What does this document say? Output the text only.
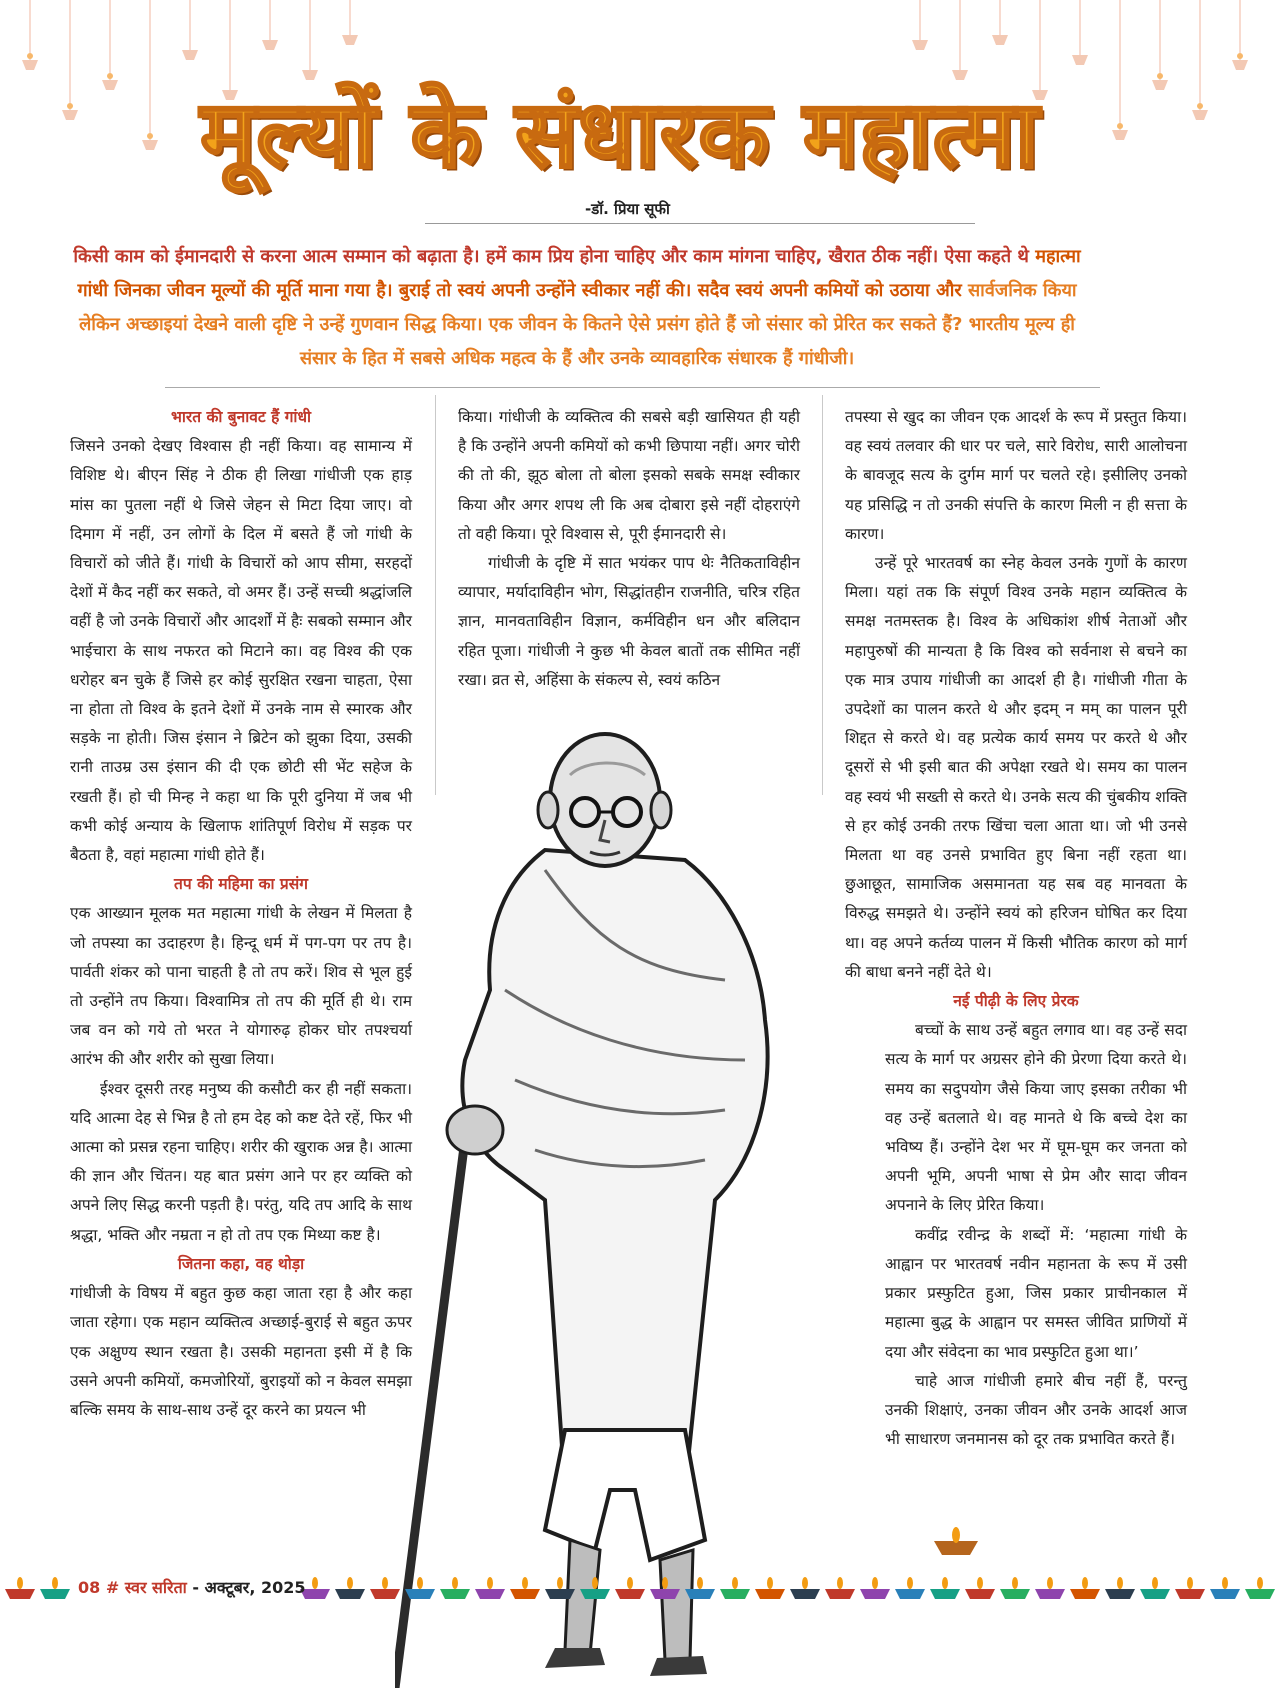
मूल्यों के संधारक महात्मा
-डॉ. प्रिया सूफी
किसी काम को ईमानदारी से करना आत्म सम्मान को बढ़ाता है। हमें काम प्रिय होना चाहिए और काम मांगना चाहिए, खैरात ठीक नहीं। ऐसा कहते थे महात्मा गांधी जिनका जीवन मूल्यों की मूर्ति माना गया है। बुराई तो स्वयं अपनी उन्होंने स्वीकार नहीं की। सदैव स्वयं अपनी कमियों को उठाया और सार्वजनिक किया लेकिन अच्छाइयां देखने वाली दृष्टि ने उन्हें गुणवान सिद्ध किया। एक जीवन के कितने ऐसे प्रसंग होते हैं जो संसार को प्रेरित कर सकते हैं? भारतीय मूल्य ही संसार के हित में सबसे अधिक महत्व के हैं और उनके व्यावहारिक संधारक हैं गांधीजी।
भारत की बुनावट हैं गांधी

जिसने उनको देखए विश्वास ही नहीं किया। वह सामान्य में विशिष्ट थे। बीएन सिंह ने ठीक ही लिखा गांधीजी एक हाड़ मांस का पुतला नहीं थे जिसे जेहन से मिटा दिया जाए। वो दिमाग में नहीं, उन लोगों के दिल में बसते हैं जो गांधी के विचारों को जीते हैं। गांधी के विचारों को आप सीमा, सरहदों देशों में कैद नहीं कर सकते, वो अमर हैं। उन्हें सच्ची श्रद्धांजलि वहीं है जो उनके विचारों और आदर्शों में हैः सबको सम्मान और भाईचारा के साथ नफरत को मिटाने का। वह विश्व की एक धरोहर बन चुके हैं जिसे हर कोई सुरक्षित रखना चाहता, ऐसा ना होता तो विश्व के इतने देशों में उनके नाम से स्मारक और सड़के ना होती। जिस इंसान ने ब्रिटेन को झुका दिया, उसकी रानी ताउम्र उस इंसान की दी एक छोटी सी भेंट सहेज के रखती हैं। हो ची मिन्ह ने कहा था कि पूरी दुनिया में जब भी कभी कोई अन्याय के खिलाफ शांतिपूर्ण विरोध में सड़क पर बैठता है, वहां महात्मा गांधी होते हैं।

तप की महिमा का प्रसंग

एक आख्यान मूलक मत महात्मा गांधी के लेखन में मिलता है जो तपस्या का उदाहरण है। हिन्दू धर्म में पग-पग पर तप है। पार्वती शंकर को पाना चाहती है तो तप करें। शिव से भूल हुई तो उन्होंने तप किया। विश्वामित्र तो तप की मूर्ति ही थे। राम जब वन को गये तो भरत ने योगारुढ़ होकर घोर तपश्चर्या आरंभ की और शरीर को सुखा लिया।

ईश्वर दूसरी तरह मनुष्य की कसौटी कर ही नहीं सकता। यदि आत्मा देह से भिन्न है तो हम देह को कष्ट देते रहें, फिर भी आत्मा को प्रसन्न रहना चाहिए। शरीर की खुराक अन्न है। आत्मा की ज्ञान और चिंतन। यह बात प्रसंग आने पर हर व्यक्ति को अपने लिए सिद्ध करनी पड़ती है। परंतु, यदि तप आदि के साथ श्रद्धा, भक्ति और नम्रता न हो तो तप एक मिथ्या कष्ट है।

जितना कहा, वह थोड़ा

गांधीजी के विषय में बहुत कुछ कहा जाता रहा है और कहा जाता रहेगा। एक महान व्यक्तित्व अच्छाई-बुराई से बहुत ऊपर एक अक्षुण्य स्थान रखता है। उसकी महानता इसी में है कि उसने अपनी कमियों, कमजोरियों, बुराइयों को न केवल समझा बल्कि समय के साथ-साथ उन्हें दूर करने का प्रयत्न भी

किया। गांधीजी के व्यक्तित्व की सबसे बड़ी खासियत ही यही है कि उन्होंने अपनी कमियों को कभी छिपाया नहीं। अगर चोरी की तो की, झूठ बोला तो बोला इसको सबके समक्ष स्वीकार किया और अगर शपथ ली कि अब दोबारा इसे नहीं दोहराएंगे तो वही किया। पूरे विश्वास से, पूरी ईमानदारी से।

गांधीजी के दृष्टि में सात भयंकर पाप थेः नैतिकताविहीन व्यापार, मर्यादाविहीन भोग, सिद्धांतहीन राजनीति, चरित्र रहित ज्ञान, मानवताविहीन विज्ञान, कर्मविहीन धन और बलिदान रहित पूजा। गांधीजी ने कुछ भी केवल बातों तक सीमित नहीं रखा। व्रत से, अहिंसा के संकल्प से, स्वयं कठिन

तपस्या से खुद का जीवन एक आदर्श के रूप में प्रस्तुत किया। वह स्वयं तलवार की धार पर चले, सारे विरोध, सारी आलोचना के बावजूद सत्य के दुर्गम मार्ग पर चलते रहे। इसीलिए उनको यह प्रसिद्धि न तो उनकी संपत्ति के कारण मिली न ही सत्ता के कारण।

उन्हें पूरे भारतवर्ष का स्नेह केवल उनके गुणों के कारण मिला। यहां तक कि संपूर्ण विश्व उनके महान व्यक्तित्व के समक्ष नतमस्तक है। विश्व के अधिकांश शीर्ष नेताओं और महापुरुषों की मान्यता है कि विश्व को सर्वनाश से बचने का एक मात्र उपाय गांधीजी का आदर्श ही है। गांधीजी गीता के उपदेशों का पालन करते थे और इदम् न मम् का पालन पूरी शिद्दत से करते थे। वह प्रत्येक कार्य समय पर करते थे और दूसरों से भी इसी बात की अपेक्षा रखते थे। समय का पालन वह स्वयं भी सख्ती से करते थे। उनके सत्य की चुंबकीय शक्ति से हर कोई उनकी तरफ खिंचा चला आता था। जो भी उनसे मिलता था वह उनसे प्रभावित हुए बिना नहीं रहता था। छुआछूत, सामाजिक असमानता यह सब वह मानवता के विरुद्ध समझते थे। उन्होंने स्वयं को हरिजन घोषित कर दिया था। वह अपने कर्तव्य पालन में किसी भौतिक कारण को मार्ग की बाधा बनने नहीं देते थे।

नई पीढ़ी के लिए प्रेरक

बच्चों के साथ उन्हें बहुत लगाव था। वह उन्हें सदा सत्य के मार्ग पर अग्रसर होने की प्रेरणा दिया करते थे। समय का सदुपयोग जैसे किया जाए इसका तरीका भी वह उन्हें बतलाते थे। वह मानते थे कि बच्चे देश का भविष्य हैं। उन्होंने देश भर में घूम-घूम कर जनता को अपनी भूमि, अपनी भाषा से प्रेम और सादा जीवन अपनाने के लिए प्रेरित किया।

कवींद्र रवीन्द्र के शब्दों में: ‘महात्मा गांधी के आह्वान पर भारतवर्ष नवीन महानता के रूप में उसी प्रकार प्रस्फुटित हुआ, जिस प्रकार प्राचीनकाल में महात्मा बुद्ध के आह्वान पर समस्त जीवित प्राणियों में दया और संवेदना का भाव प्रस्फुटित हुआ था।’

चाहे आज गांधीजी हमारे बीच नहीं हैं, परन्तु उनकी शिक्षाएं, उनका जीवन और उनके आदर्श आज भी साधारण जनमानस को दूर तक प्रभावित करते हैं।

08 # स्वर सरिता - अक्टूबर, 2025
